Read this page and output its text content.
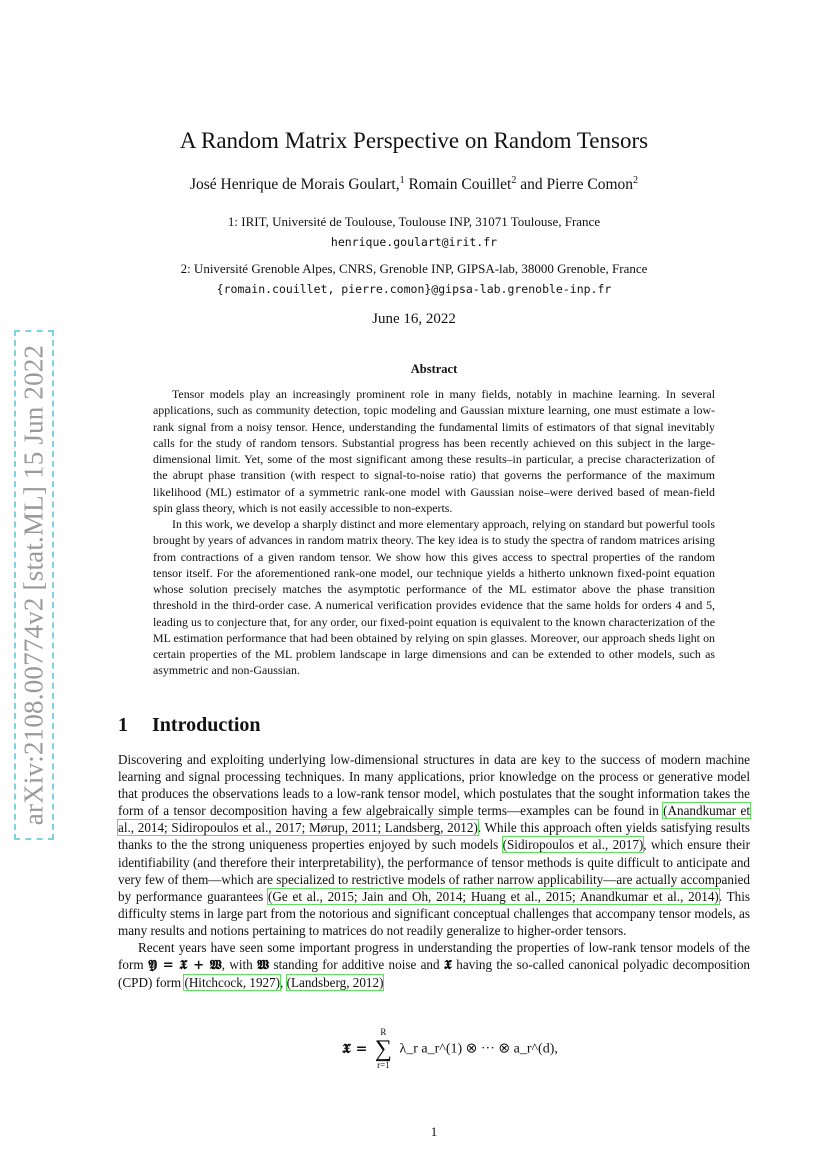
arXiv:2108.00774v2 [stat.ML] 15 Jun 2022
A Random Matrix Perspective on Random Tensors
José Henrique de Morais Goulart,$^1$ Romain Couillet$^2$ and Pierre Comon$^2$
1: IRIT, Université de Toulouse, Toulouse INP, 31071 Toulouse, France
henrique.goulart@irit.fr
2: Université Grenoble Alpes, CNRS, Grenoble INP, GIPSA-lab, 38000 Grenoble, France
{romain.couillet, pierre.comon}@gipsa-lab.grenoble-inp.fr
June 16, 2022
Abstract

Tensor models play an increasingly prominent role in many fields, notably in machine learning. In several applications, such as community detection, topic modeling and Gaussian mixture learning, one must estimate a low-rank signal from a noisy tensor. Hence, understanding the fundamental limits of estimators of that signal inevitably calls for the study of random tensors. Substantial progress has been recently achieved on this subject in the large-dimensional limit. Yet, some of the most significant among these results–in particular, a precise characterization of the abrupt phase transition (with respect to signal-to-noise ratio) that governs the performance of the maximum likelihood (ML) estimator of a symmetric rank-one model with Gaussian noise–were derived based of mean-field spin glass theory, which is not easily accessible to non-experts.

In this work, we develop a sharply distinct and more elementary approach, relying on standard but powerful tools brought by years of advances in random matrix theory. The key idea is to study the spectra of random matrices arising from contractions of a given random tensor. We show how this gives access to spectral properties of the random tensor itself. For the aforementioned rank-one model, our technique yields a hitherto unknown fixed-point equation whose solution precisely matches the asymptotic performance of the ML estimator above the phase transition threshold in the third-order case. A numerical verification provides evidence that the same holds for orders 4 and 5, leading us to conjecture that, for any order, our fixed-point equation is equivalent to the known characterization of the ML estimation performance that had been obtained by relying on spin glasses. Moreover, our approach sheds light on certain properties of the ML problem landscape in large dimensions and can be extended to other models, such as asymmetric and non-Gaussian.

1 Introduction

Discovering and exploiting underlying low-dimensional structures in data are key to the success of modern machine learning and signal processing techniques. In many applications, prior knowledge on the process or generative model that produces the observations leads to a low-rank tensor model, which postulates that the sought information takes the form of a tensor decomposition having a few algebraically simple terms—examples can be found in (Anandkumar et al., 2014; Sidiropoulos et al., 2017; Mørup, 2011; Landsberg, 2012). While this approach often yields satisfying results thanks to the the strong uniqueness properties enjoyed by such models (Sidiropoulos et al., 2017), which ensure their identifiability (and therefore their interpretability), the performance of tensor methods is quite difficult to anticipate and very few of them—which are specialized to restrictive models of rather narrow applicability—are actually accompanied by performance guarantees (Ge et al., 2015; Jain and Oh, 2014; Huang et al., 2015; Anandkumar et al., 2014). This difficulty stems in large part from the notorious and significant conceptual challenges that accompany tensor models, as many results and notions pertaining to matrices do not readily generalize to higher-order tensors.

Recent years have seen some important progress in understanding the properties of low-rank tensor models of the form 𝖄 = 𝖃 + 𝖂, with 𝖂 standing for additive noise and 𝖃 having the so-called canonical polyadic decomposition (CPD) form (Hitchcock, 1927), (Landsberg, 2012)

𝖃 =
R
∑
r=1
λ_r a_r^(1) ⊗ ··· ⊗ a_r^(d),
1
